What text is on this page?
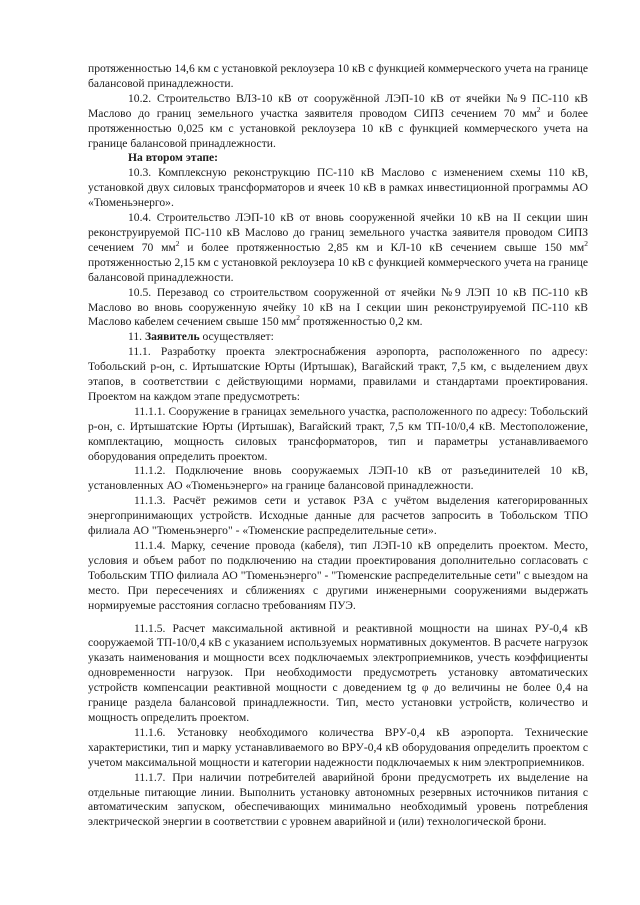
протяженностью 14,6 км с установкой реклоузера 10 кВ с функцией коммерческого учета на границе балансовой принадлежности.

10.2. Строительство ВЛЗ-10 кВ от сооружённой ЛЭП-10 кВ от ячейки №9 ПС-110 кВ Маслово до границ земельного участка заявителя проводом СИПЗ сечением 70 $мм^2$ и более протяженностью 0,025 км с установкой реклоузера 10 кВ с функцией коммерческого учета на границе балансовой принадлежности.

На втором этапе:

10.3. Комплексную реконструкцию ПС-110 кВ Маслово с изменением схемы 110 кВ, установкой двух силовых трансформаторов и ячеек 10 кВ в рамках инвестиционной программы АО «Тюменьэнерго».

10.4. Строительство ЛЭП-10 кВ от вновь сооруженной ячейки 10 кВ на II секции шин реконструируемой ПС-110 кВ Маслово до границ земельного участка заявителя проводом СИПЗ сечением 70 $мм^2$ и более протяженностью 2,85 км и КЛ-10 кВ сечением свыше 150 $мм^2$ протяженностью 2,15 км с установкой реклоузера 10 кВ с функцией коммерческого учета на границе балансовой принадлежности.

10.5. Перезавод со строительством сооруженной от ячейки №9 ЛЭП 10 кВ ПС-110 кВ Маслово во вновь сооруженную ячейку 10 кВ на I секции шин реконструируемой ПС-110 кВ Маслово кабелем сечением свыше 150 $мм^2$ протяженностью 0,2 км.

11. Заявитель осуществляет:

11.1. Разработку проекта электроснабжения аэропорта, расположенного по адресу: Тобольский р-он, с. Иртышатские Юрты (Иртышак), Вагайский тракт, 7,5 км, с выделением двух этапов, в соответствии с действующими нормами, правилами и стандартами проектирования. Проектом на каждом этапе предусмотреть:

11.1.1. Сооружение в границах земельного участка, расположенного по адресу: Тобольский р-он, с. Иртышатские Юрты (Иртышак), Вагайский тракт, 7,5 км ТП-10/0,4 кВ. Местоположение, комплектацию, мощность силовых трансформаторов, тип и параметры устанавливаемого оборудования определить проектом.

11.1.2. Подключение вновь сооружаемых ЛЭП-10 кВ от разъединителей 10 кВ, установленных АО «Тюменьэнерго» на границе балансовой принадлежности.

11.1.3. Расчёт режимов сети и уставок РЗА с учётом выделения категорированных энергопринимающих устройств. Исходные данные для расчетов запросить в Тобольском ТПО филиала АО "Тюменьэнерго" - «Тюменские распределительные сети».

11.1.4. Марку, сечение провода (кабеля), тип ЛЭП-10 кВ определить проектом. Место, условия и объем работ по подключению на стадии проектирования дополнительно согласовать с Тобольским ТПО филиала АО "Тюменьэнерго" - "Тюменские распределительные сети" с выездом на место. При пересечениях и сближениях с другими инженерными сооружениями выдержать нормируемые расстояния согласно требованиям ПУЭ.

11.1.5. Расчет максимальной активной и реактивной мощности на шинах РУ-0,4 кВ сооружаемой ТП-10/0,4 кВ с указанием используемых нормативных документов. В расчете нагрузок указать наименования и мощности всех подключаемых электроприемников, учесть коэффициенты одновременности нагрузок. При необходимости предусмотреть установку автоматических устройств компенсации реактивной мощности с доведением tg φ до величины не более 0,4 на границе раздела балансовой принадлежности. Тип, место установки устройств, количество и мощность определить проектом.

11.1.6. Установку необходимого количества ВРУ-0,4 кВ аэропорта. Технические характеристики, тип и марку устанавливаемого во ВРУ-0,4 кВ оборудования определить проектом с учетом максимальной мощности и категории надежности подключаемых к ним электроприемников.

11.1.7. При наличии потребителей аварийной брони предусмотреть их выделение на отдельные питающие линии. Выполнить установку автономных резервных источников питания с автоматическим запуском, обеспечивающих минимально необходимый уровень потребления электрической энергии в соответствии с уровнем аварийной и (или) технологической брони.
